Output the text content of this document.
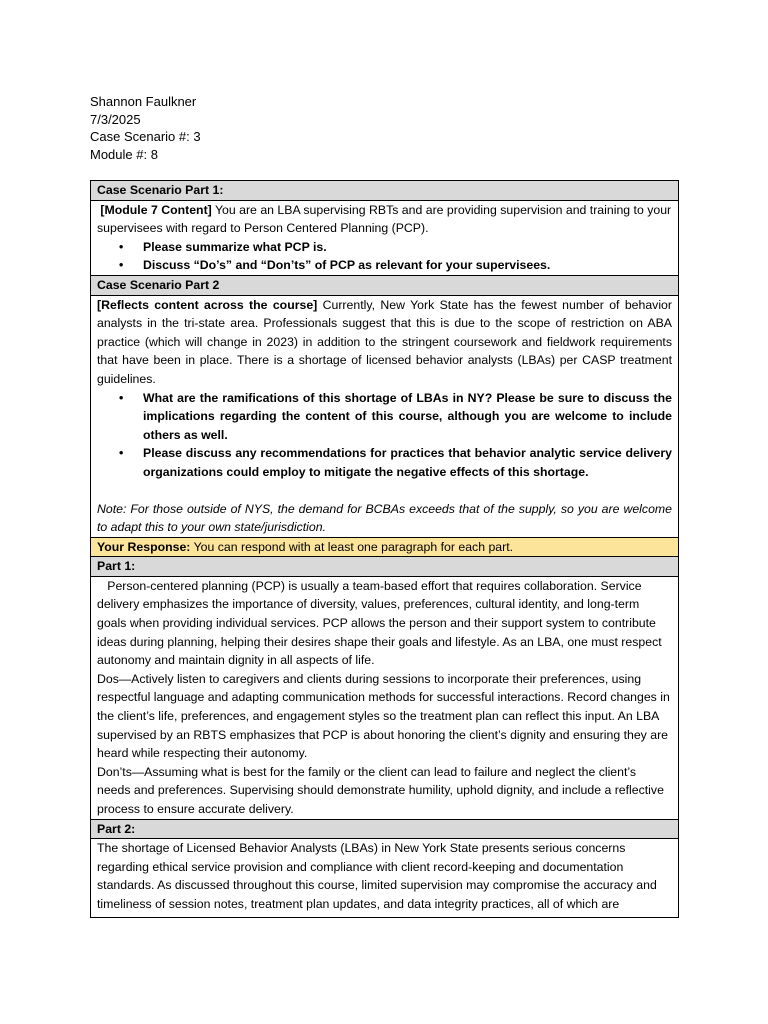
Shannon Faulkner
7/3/2025
Case Scenario #: 3
Module #: 8
Case Scenario Part 1:

[Module 7 Content] You are an LBA supervising RBTs and are providing supervision and training to your supervisees with regard to Person Centered Planning (PCP).

• Please summarize what PCP is.
• Discuss “Do’s” and “Don’ts” of PCP as relevant for your supervisees.

Case Scenario Part 2

[Reflects content across the course] Currently, New York State has the fewest number of behavior analysts in the tri-state area. Professionals suggest that this is due to the scope of restriction on ABA practice (which will change in 2023) in addition to the stringent coursework and fieldwork requirements that have been in place. There is a shortage of licensed behavior analysts (LBAs) per CASP treatment guidelines.

• What are the ramifications of this shortage of LBAs in NY? Please be sure to discuss the implications regarding the content of this course, although you are welcome to include others as well.
• Please discuss any recommendations for practices that behavior analytic service delivery organizations could employ to mitigate the negative effects of this shortage.

Note: For those outside of NYS, the demand for BCBAs exceeds that of the supply, so you are welcome to adapt this to your own state/jurisdiction.

Your Response: You can respond with at least one paragraph for each part.
Part 1:

Person-centered planning (PCP) is usually a team-based effort that requires collaboration. Service delivery emphasizes the importance of diversity, values, preferences, cultural identity, and long-term goals when providing individual services. PCP allows the person and their support system to contribute ideas during planning, helping their desires shape their goals and lifestyle. As an LBA, one must respect autonomy and maintain dignity in all aspects of life.

Dos—Actively listen to caregivers and clients during sessions to incorporate their preferences, using respectful language and adapting communication methods for successful interactions. Record changes in the client’s life, preferences, and engagement styles so the treatment plan can reflect this input. An LBA supervised by an RBTS emphasizes that PCP is about honoring the client’s dignity and ensuring they are heard while respecting their autonomy.

Don’ts—Assuming what is best for the family or the client can lead to failure and neglect the client’s needs and preferences. Supervising should demonstrate humility, uphold dignity, and include a reflective process to ensure accurate delivery.

Part 2:

The shortage of Licensed Behavior Analysts (LBAs) in New York State presents serious concerns regarding ethical service provision and compliance with client record-keeping and documentation standards. As discussed throughout this course, limited supervision may compromise the accuracy and timeliness of session notes, treatment plan updates, and data integrity practices, all of which are
